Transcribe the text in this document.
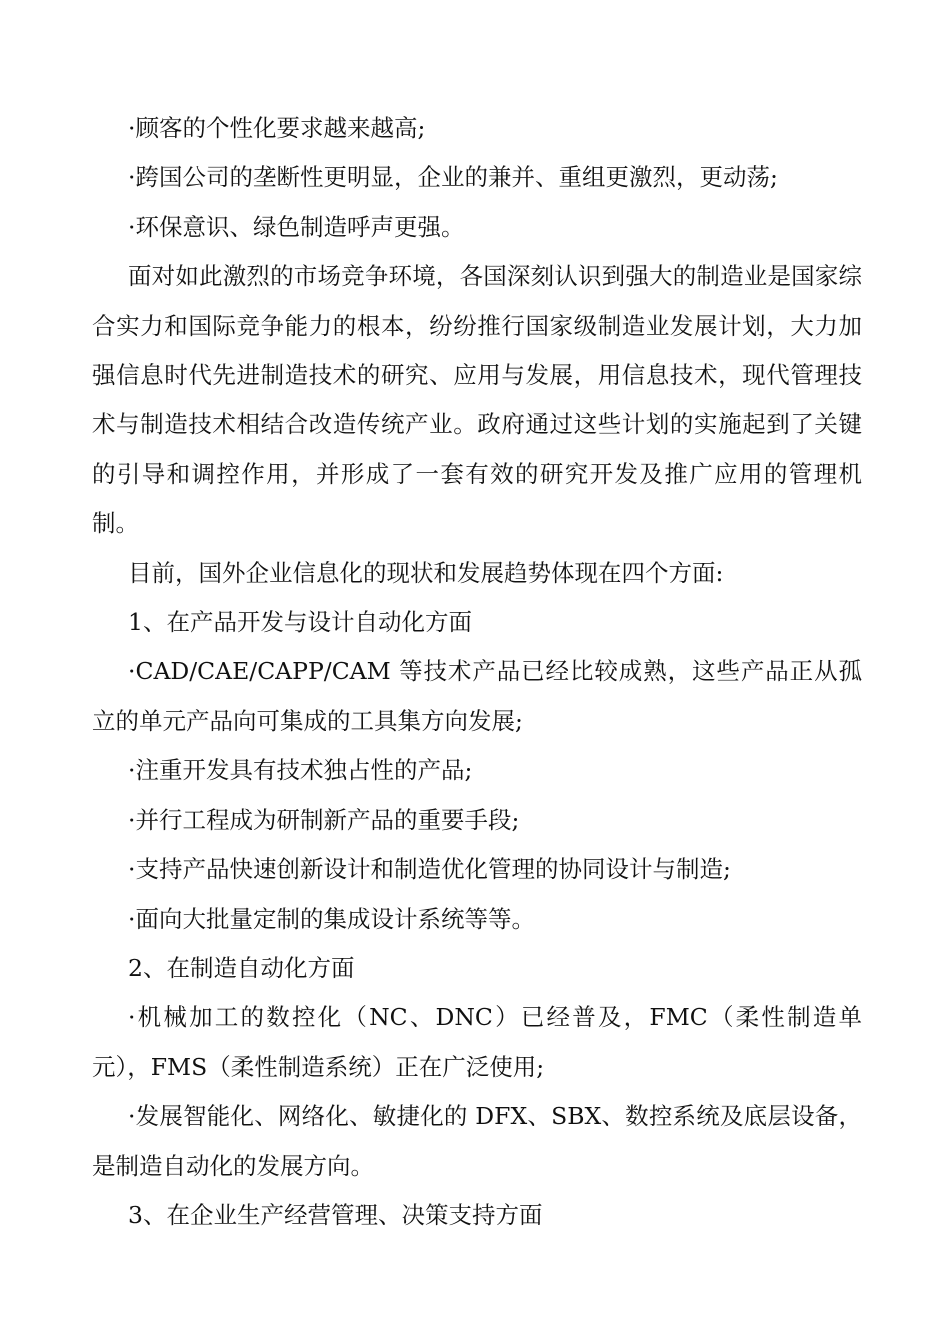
·顾客的个性化要求越来越高;

·跨国公司的垄断性更明显，企业的兼并、重组更激烈，更动荡;

·环保意识、绿色制造呼声更强。

面对如此激烈的市场竞争环境，各国深刻认识到强大的制造业是国家综合实力和国际竞争能力的根本，纷纷推行国家级制造业发展计划，大力加强信息时代先进制造技术的研究、应用与发展，用信息技术，现代管理技术与制造技术相结合改造传统产业。政府通过这些计划的实施起到了关键的引导和调控作用，并形成了一套有效的研究开发及推广应用的管理机制。

目前，国外企业信息化的现状和发展趋势体现在四个方面:

1、在产品开发与设计自动化方面

·CAD/CAE/CAPP/CAM 等技术产品已经比较成熟，这些产品正从孤立的单元产品向可集成的工具集方向发展;

·注重开发具有技术独占性的产品;

·并行工程成为研制新产品的重要手段;

·支持产品快速创新设计和制造优化管理的协同设计与制造;

·面向大批量定制的集成设计系统等等。

2、在制造自动化方面

·机械加工的数控化（NC、DNC）已经普及，FMC（柔性制造单元），FMS（柔性制造系统）正在广泛使用;

·发展智能化、网络化、敏捷化的 DFX、SBX、数控系统及底层设备，是制造自动化的发展方向。

3、在企业生产经营管理、决策支持方面
